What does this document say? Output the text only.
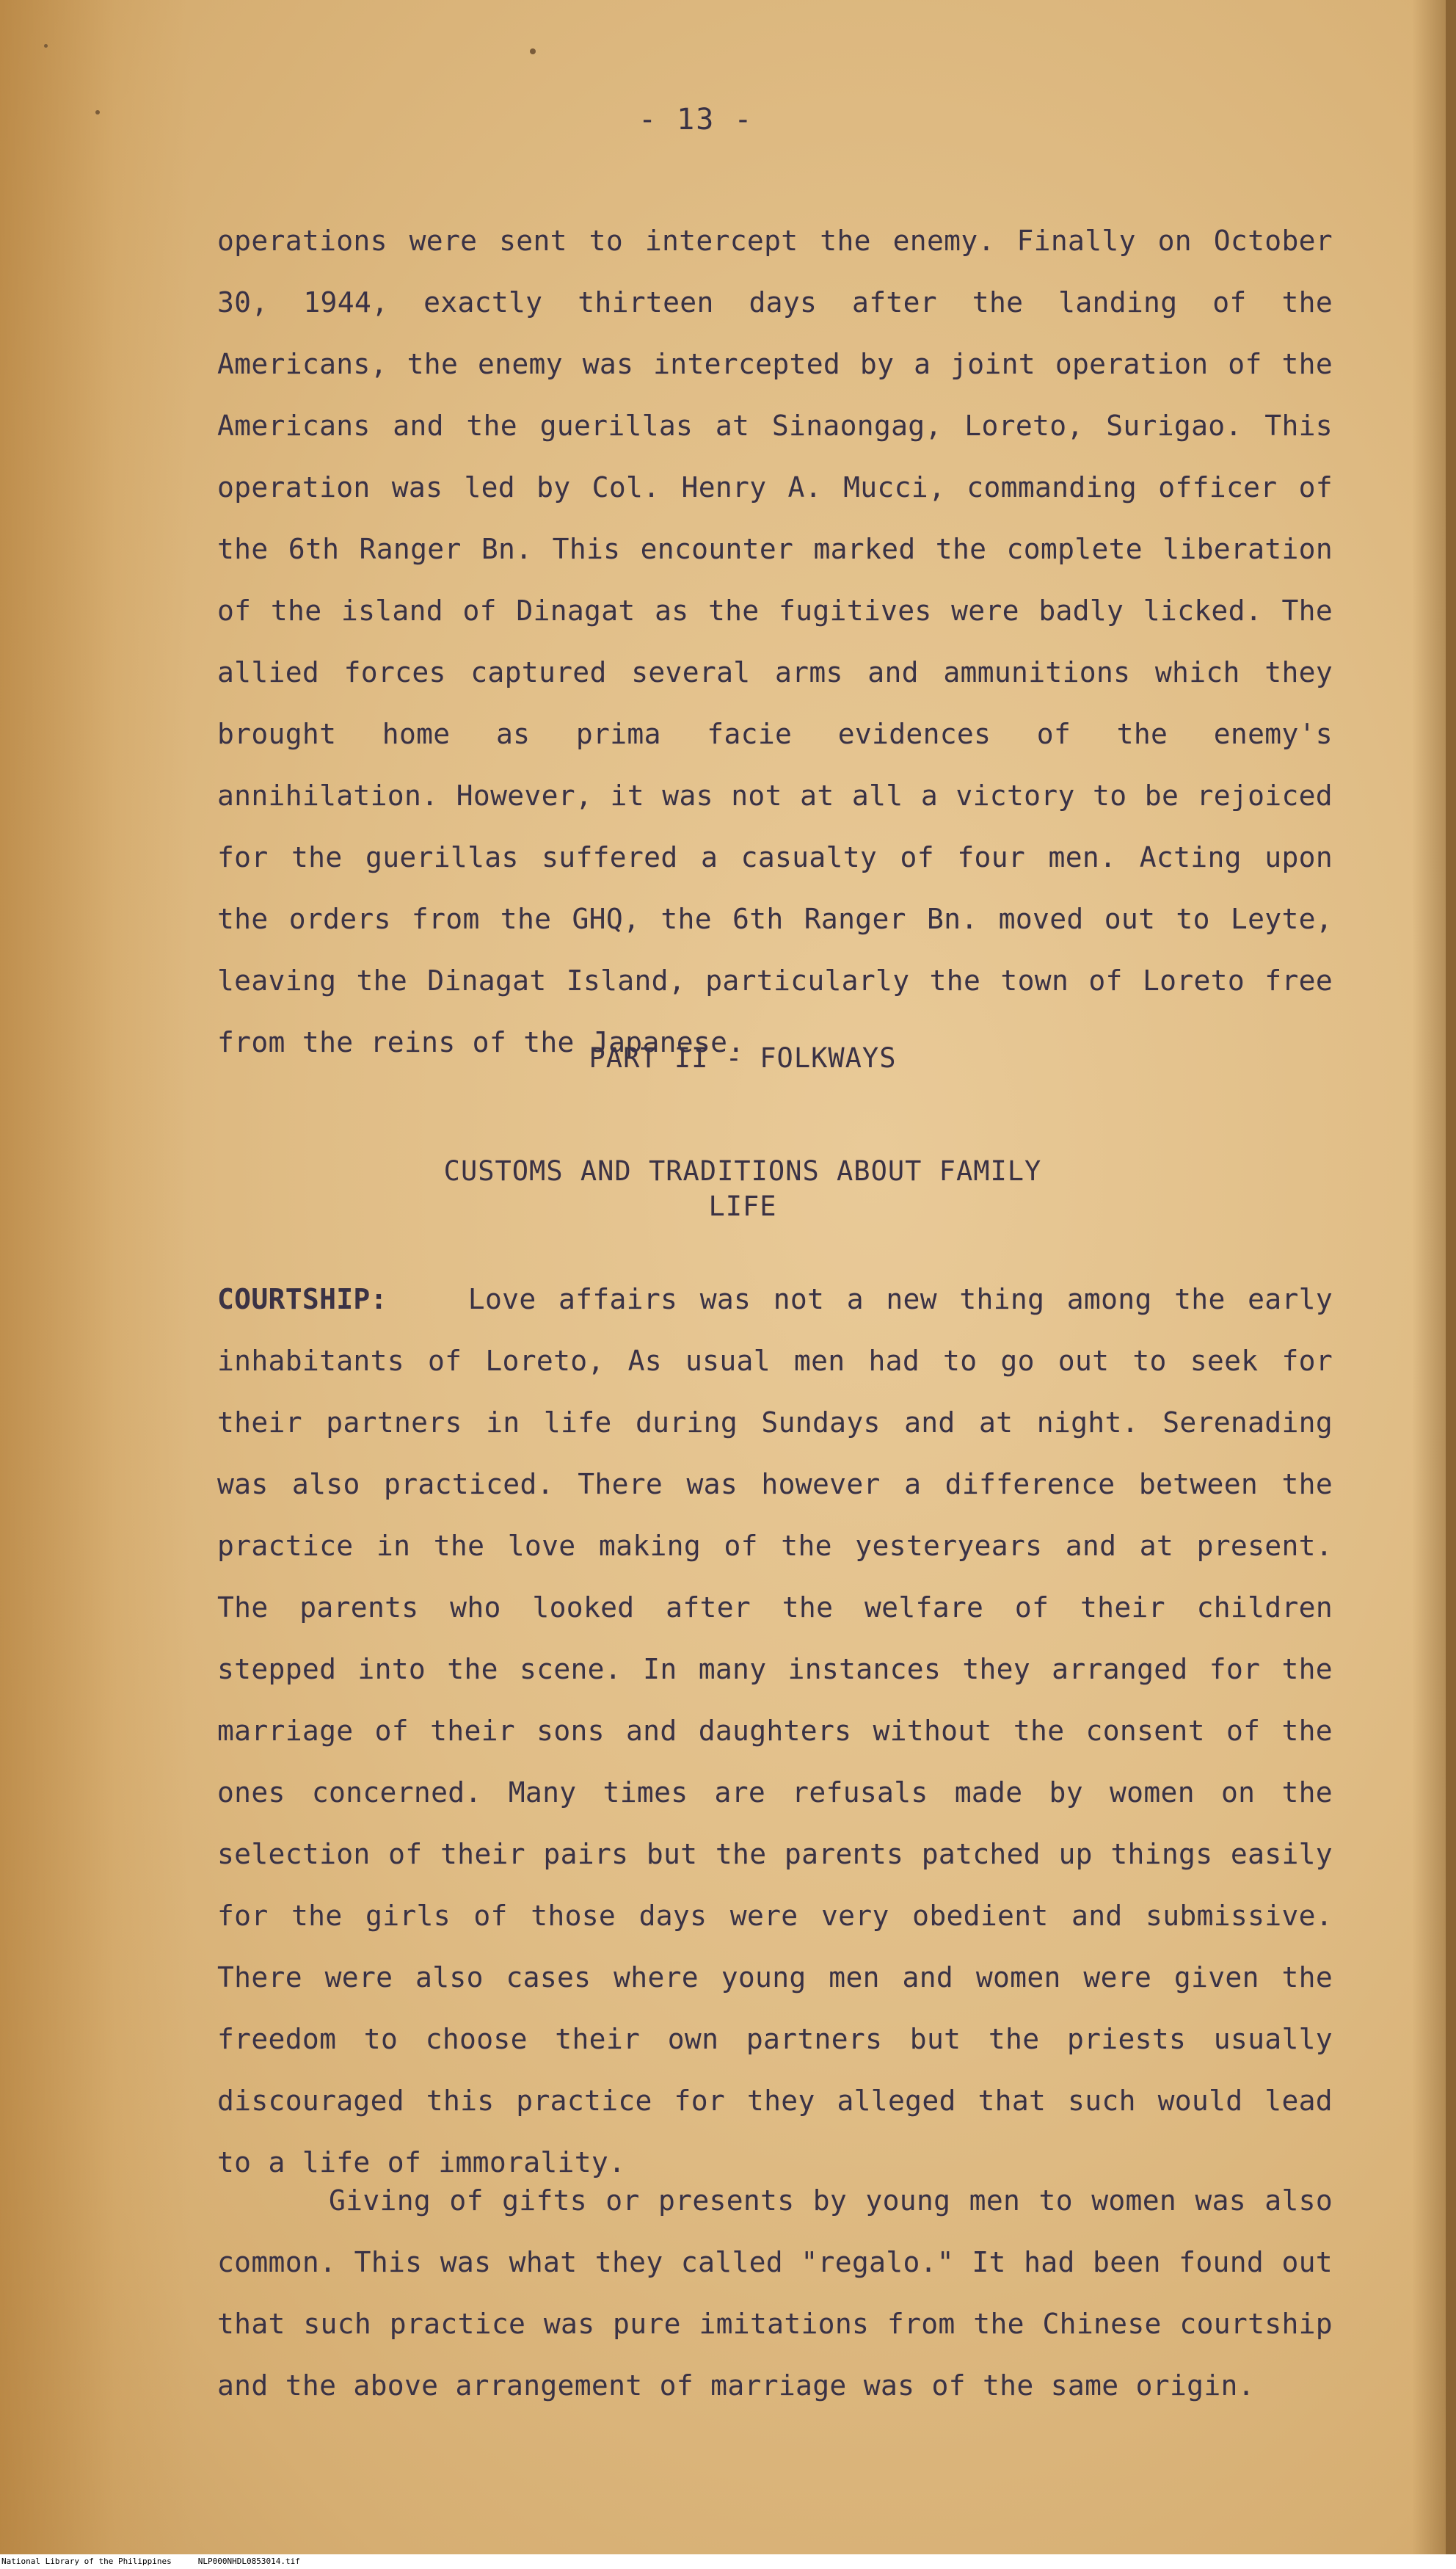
- 13 -

operations were sent to intercept the enemy. Finally on October 30, 1944, exactly thirteen days after the landing of the Americans, the enemy was intercepted by a joint operation of the Americans and the guerillas at Sinaongag, Loreto, Surigao. This operation was led by Col. Henry A. Mucci, commanding officer of the 6th Ranger Bn. This encounter marked the complete liberation of the island of Dinagat as the fugitives were badly licked. The allied forces captured several arms and ammunitions which they brought home as prima facie evidences of the enemy's annihilation. However, it was not at all a victory to be rejoiced for the guerillas suffered a casualty of four men. Acting upon the orders from the GHQ, the 6th Ranger Bn. moved out to Leyte, leaving the Dinagat Island, particularly the town of Loreto free from the reins of the Japanese.

PART II - FOLKWAYS

CUSTOMS AND TRADITIONS ABOUT FAMILY
LIFE

COURTSHIP:	Love affairs was not a new thing among the early inhabitants of Loreto, As usual men had to go out to seek for their partners in life during Sundays and at night. Serenading was also practiced. There was however a difference between the practice in the love making of the yesteryears and at present. The parents who looked after the welfare of their children stepped into the scene. In many instances they arranged for the marriage of their sons and daughters without the consent of the ones concerned. Many times are refusals made by women on the selection of their pairs but the parents patched up things easily for the girls of those days were very obedient and submissive. There were also cases where young men and women were given the freedom to choose their own partners but the priests usually discouraged this practice for they alleged that such would lead to a life of immorality.

Giving of gifts or presents by young men to women was also common. This was what they called "regalo." It had been found out that such practice was pure imitations from the Chinese courtship and the above arrangement of marriage was of the same origin.

National Library of the Philippines	NLP000NHDL0853014.tif
